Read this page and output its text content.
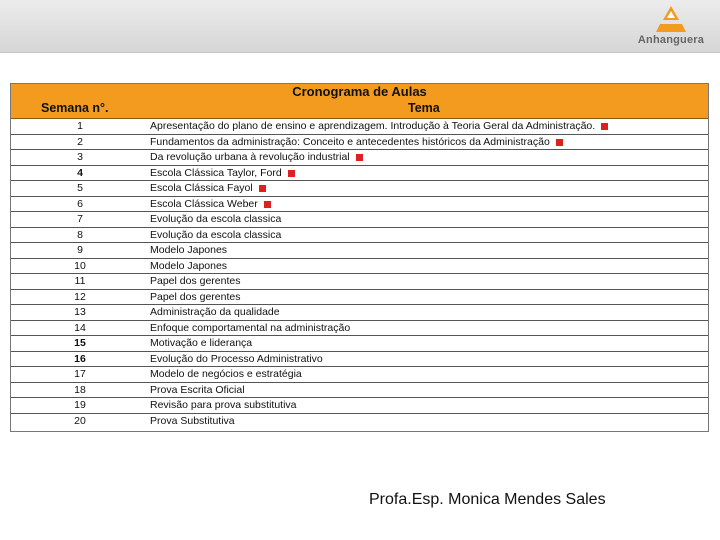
Anhanguera
Cronograma de Aulas
Semana n°.	Tema
1	Apresentação do plano de ensino e aprendizagem. Introdução à Teoria Geral da Administração.
2	Fundamentos da administração: Conceito e antecedentes históricos da Administração
3	Da revolução urbana à revolução industrial
4	Escola Clássica Taylor, Ford
5	Escola Clássica Fayol
6	Escola Clássica Weber
7	Evolução da escola classica
8	Evolução da escola classica
9	Modelo Japones
10	Modelo Japones
11	Papel dos gerentes
12	Papel dos gerentes
13	Administração da qualidade
14	Enfoque comportamental na administração
15	Motivação e liderança
16	Evolução do Processo Administrativo
17	Modelo de negócios e estratégia
18	Prova Escrita Oficial
19	Revisão para prova substitutiva
20	Prova Substitutiva
Profa.Esp. Monica Mendes Sales
